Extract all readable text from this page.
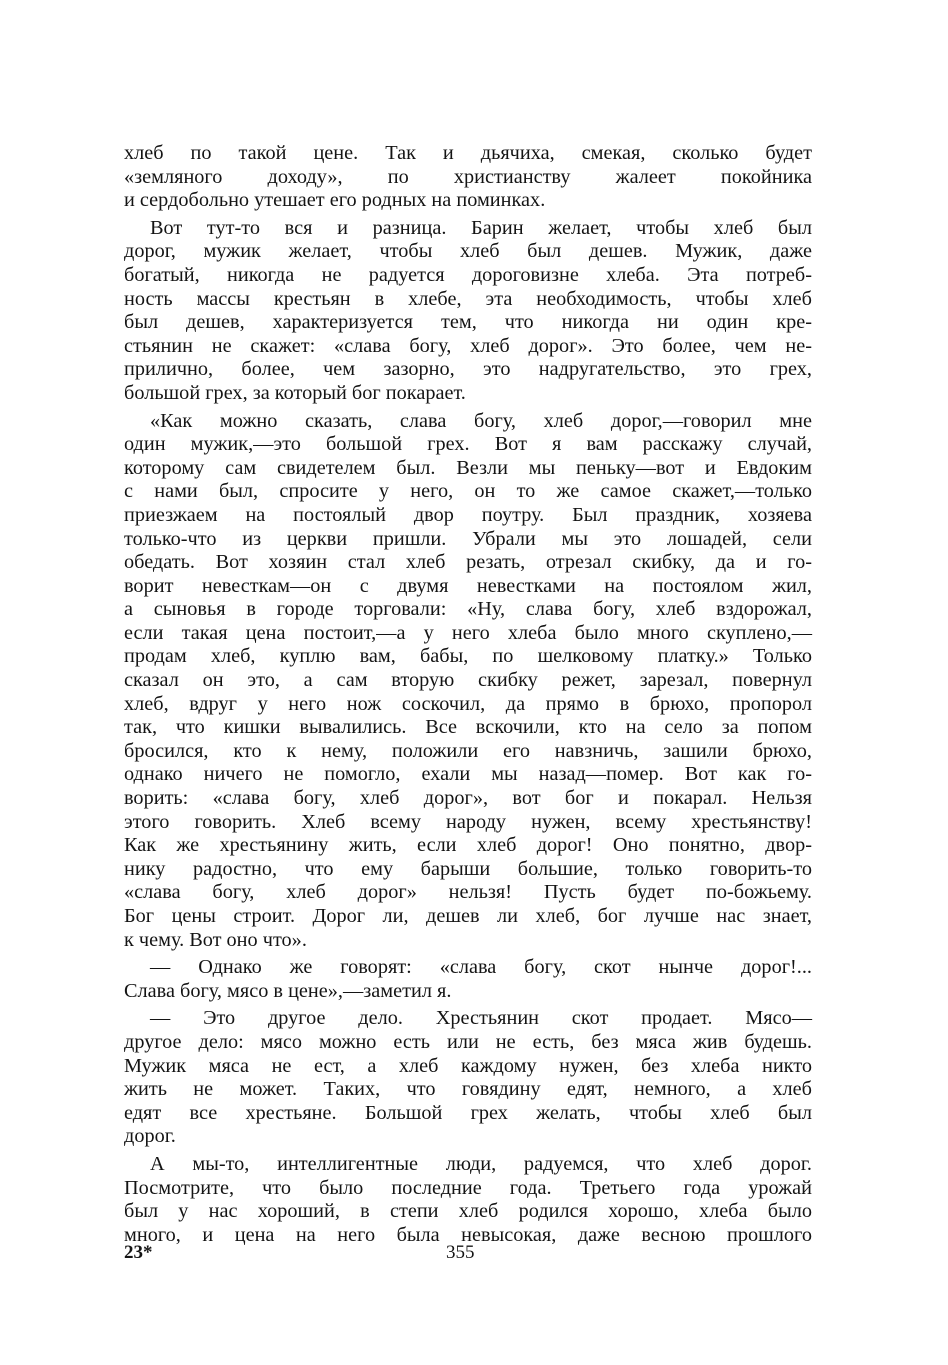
хлеб по такой цене. Так и дьячиха, смекая, сколько будет
«земляного доходу», по христианству жалеет покойника
и сердобольно утешает его родных на поминках.
Вот тут-то вся и разница. Барин желает, чтобы хлеб был
дорог, мужик желает, чтобы хлеб был дешев. Мужик, даже
богатый, никогда не радуется дороговизне хлеба. Эта потреб-
ность массы крестьян в хлебе, эта необходимость, чтобы хлеб
был дешев, характеризуется тем, что никогда ни один кре-
стьянин не скажет: «слава богу, хлеб дорог». Это более, чем не-
прилично, более, чем зазорно, это надругательство, это грех,
большой грех, за который бог покарает.
«Как можно сказать, слава богу, хлеб дорог,—говорил мне
один мужик,—это большой грех. Вот я вам расскажу случай,
которому сам свидетелем был. Везли мы пеньку—вот и Евдоким
с нами был, спросите у него, он то же самое скажет,—только
приезжаем на постоялый двор поутру. Был праздник, хозяева
только-что из церкви пришли. Убрали мы это лошадей, сели
обедать. Вот хозяин стал хлеб резать, отрезал скибку, да и го-
ворит невесткам—он с двумя невестками на постоялом жил,
а сыновья в городе торговали: «Ну, слава богу, хлеб вздорожал,
если такая цена постоит,—а у него хлеба было много скуплено,—
продам хлеб, куплю вам, бабы, по шелковому платку.» Только
сказал он это, а сам вторую скибку режет, зарезал, повернул
хлеб, вдруг у него нож соскочил, да прямо в брюхо, пропорол
так, что кишки вывалились. Все вскочили, кто на село за попом
бросился, кто к нему, положили его навзничь, зашили брюхо,
однако ничего не помогло, ехали мы назад—помер. Вот как го-
ворить: «слава богу, хлеб дорог», вот бог и покарал. Нельзя
этого говорить. Хлеб всему народу нужен, всему хрестьянству!
Как же хрестьянину жить, если хлеб дорог! Оно понятно, двор-
нику радостно, что ему барыши большие, только говорить-то
«слава богу, хлеб дорог» нельзя! Пусть будет по-божьему.
Бог цены строит. Дорог ли, дешев ли хлеб, бог лучше нас знает,
к чему. Вот оно что».
— Однако же говорят: «слава богу, скот нынче дорог!...
Слава богу, мясо в цене»,—заметил я.
— Это другое дело. Хрестьянин скот продает. Мясо—
другое дело: мясо можно есть или не есть, без мяса жив будешь.
Мужик мяса не ест, а хлеб каждому нужен, без хлеба никто
жить не может. Таких, что говядину едят, немного, а хлеб
едят все хрестьяне. Большой грех желать, чтобы хлеб был
дорог.
А мы-то, интеллигентные люди, радуемся, что хлеб дорог.
Посмотрите, что было последние года. Третьего года урожай
был у нас хороший, в степи хлеб родился хорошо, хлеба было
много, и цена на него была невысокая, даже весною прошлого
23*	355
